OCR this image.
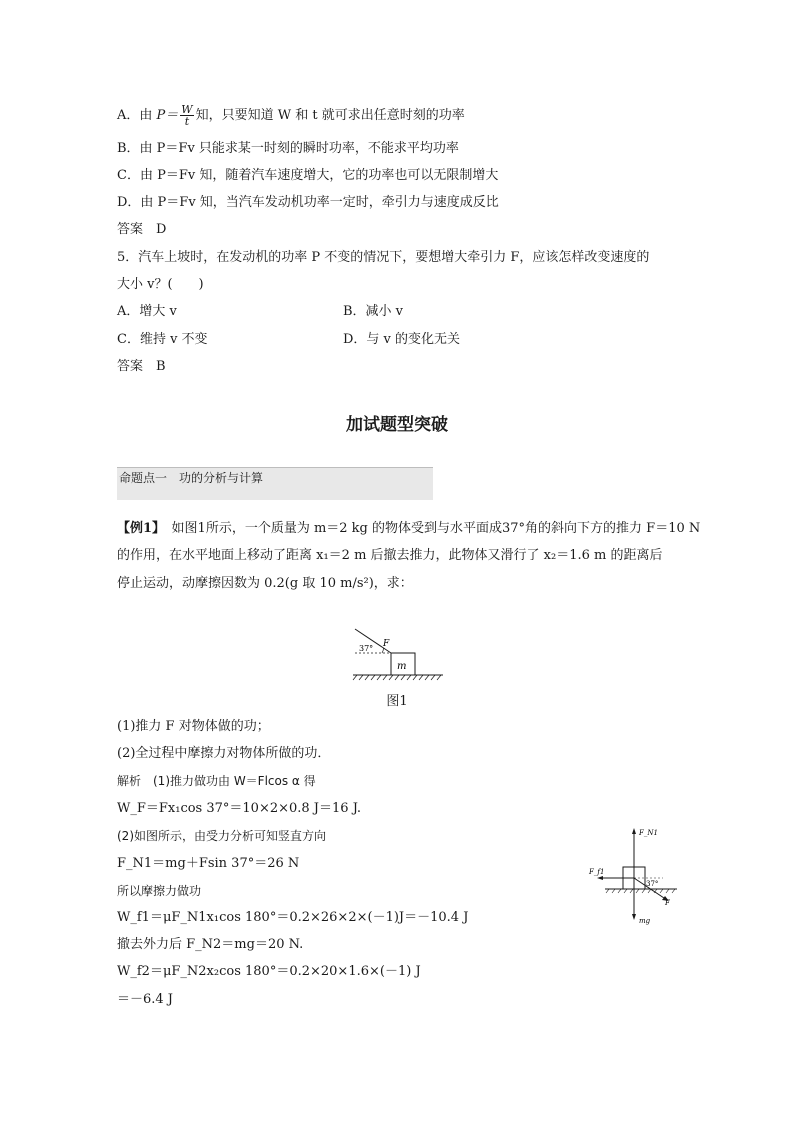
A．由 $P= \frac{W}{t}$ 知，只要知道 W 和 t 就可求出任意时刻的功率
B．由 P＝Fv 只能求某一时刻的瞬时功率，不能求平均功率
C．由 P＝Fv 知，随着汽车速度增大，它的功率也可以无限制增大
D．由 P＝Fv 知，当汽车发动机功率一定时，牵引力与速度成反比
答案　D
5．汽车上坡时，在发动机的功率 P 不变的情况下，要想增大牵引力 F，应该怎样改变速度的
大小 v？(　　)
A．增大 v	B．减小 v
C．维持 v 不变	D．与 v 的变化无关
答案　B
加试题型突破
命题点一　功的分析与计算
【例1】　如图1所示，一个质量为 m＝2 kg 的物体受到与水平面成37°角的斜向下方的推力 F＝10 N
的作用，在水平地面上移动了距离 x₁＝2 m 后撤去推力，此物体又滑行了 x₂＝1.6 m 的距离后
停止运动，动摩擦因数为 0.2(g 取 10 m/s²)，求：
m
F
37°
图1
(1)推力 F 对物体做的功；
(2)全过程中摩擦力对物体所做的功．
解析　(1)推力做功由 W＝Flcos α 得
W_F＝Fx₁cos 37°＝10×2×0.8 J＝16 J.
(2)如图所示，由受力分析可知竖直方向
F_N1＝mg＋Fsin 37°＝26 N
所以摩擦力做功
W_f1＝μF_N1x₁cos 180°＝0.2×26×2×(－1)J＝－10.4 J
撤去外力后 F_N2＝mg＝20 N.
W_f2＝μF_N2x₂cos 180°＝0.2×20×1.6×(－1) J
＝－6.4 J
F_N1
mg
F_f1
F
37°
